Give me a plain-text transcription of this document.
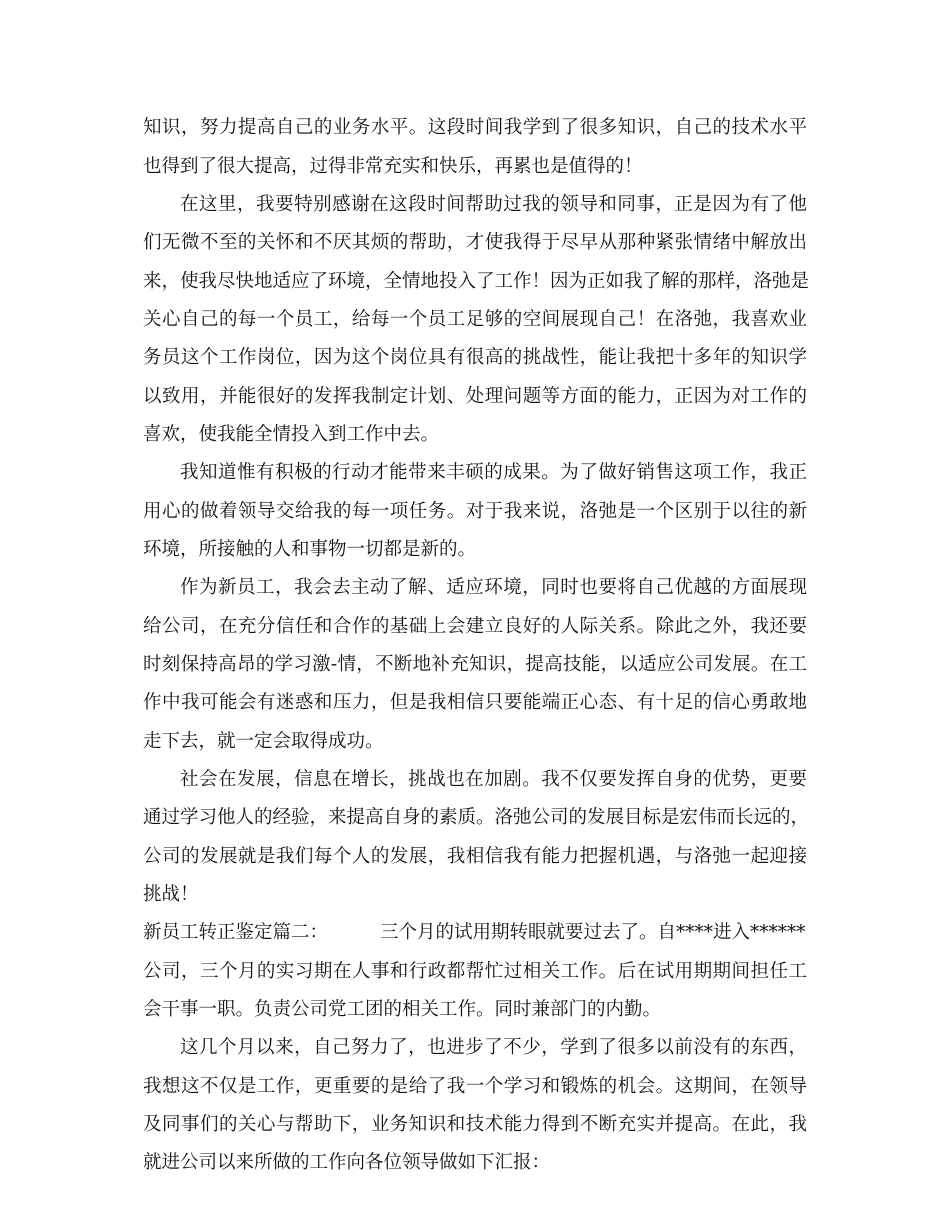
知识，努力提高自己的业务水平。这段时间我学到了很多知识，自己的技术水平

也得到了很大提高，过得非常充实和快乐，再累也是值得的！

在这里，我要特别感谢在这段时间帮助过我的领导和同事，正是因为有了他

们无微不至的关怀和不厌其烦的帮助，才使我得于尽早从那种紧张情绪中解放出

来，使我尽快地适应了环境，全情地投入了工作！因为正如我了解的那样，洛弛是

关心自己的每一个员工，给每一个员工足够的空间展现自己！在洛弛，我喜欢业

务员这个工作岗位，因为这个岗位具有很高的挑战性，能让我把十多年的知识学

以致用，并能很好的发挥我制定计划、处理问题等方面的能力，正因为对工作的

喜欢，使我能全情投入到工作中去。

我知道惟有积极的行动才能带来丰硕的成果。为了做好销售这项工作，我正

用心的做着领导交给我的每一项任务。对于我来说，洛弛是一个区别于以往的新

环境，所接触的人和事物一切都是新的。

作为新员工，我会去主动了解、适应环境，同时也要将自己优越的方面展现

给公司，在充分信任和合作的基础上会建立良好的人际关系。除此之外，我还要

时刻保持高昂的学习激-情，不断地补充知识，提高技能，以适应公司发展。在工

作中我可能会有迷惑和压力，但是我相信只要能端正心态、有十足的信心勇敢地

走下去，就一定会取得成功。

社会在发展，信息在增长，挑战也在加剧。我不仅要发挥自身的优势，更要

通过学习他人的经验，来提高自身的素质。洛弛公司的发展目标是宏伟而长远的，

公司的发展就是我们每个人的发展，我相信我有能力把握机遇，与洛弛一起迎接

挑战！

新员工转正鉴定篇二：	三个月的试用期转眼就要过去了。自****进入******

公司，三个月的实习期在人事和行政都帮忙过相关工作。后在试用期期间担任工

会干事一职。负责公司党工团的相关工作。同时兼部门的内勤。

这几个月以来，自己努力了，也进步了不少，学到了很多以前没有的东西，

我想这不仅是工作，更重要的是给了我一个学习和锻炼的机会。这期间，在领导

及同事们的关心与帮助下，业务知识和技术能力得到不断充实并提高。在此，我

就进公司以来所做的工作向各位领导做如下汇报：
